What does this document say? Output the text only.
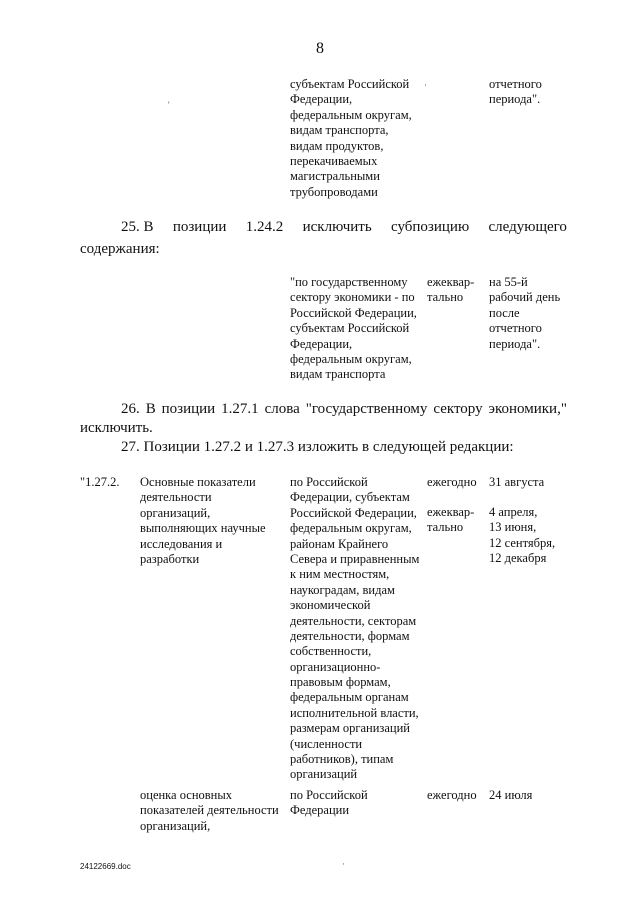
8
'
субъектам Российской
Федерации,
федеральным округам,
видам транспорта,
видам продуктов,
перекачиваемых
магистральными
трубопроводами
·	отчетного
периода".
25. В позиции 1.24.2 исключить субпозицию следующего
содержания:
"по государственному
сектору экономики - по
Российской Федерации,
субъектам Российской
Федерации,
федеральным округам,
видам транспорта
ежеквар-
тально
на 55-й
рабочий день
после
отчетного
периода".
26. В позиции 1.27.1 слова "государственному сектору экономики,"
исключить.
27. Позиции 1.27.2 и 1.27.3 изложить в следующей редакции:
"1.27.2. Основные показатели
деятельности
организаций,
выполняющих научные
исследования и
разработки
по Российской
Федерации, субъектам
Российской Федерации,
федеральным округам,
районам Крайнего
Севера и приравненным
к ним местностям,
наукоградам, видам
экономической
деятельности, секторам
деятельности, формам
собственности,
организационно-
правовым формам,
федеральным органам
исполнительной власти,
размерам организаций
(численности
работников), типам
организаций
ежегодно
ежеквар-
тально
31 августа
4 апреля,
13 июня,
12 сентября,
12 декабря
оценка основных
показателей деятельности
организаций,
по Российской
Федерации
ежегодно 24 июля
24122669.doc	·
